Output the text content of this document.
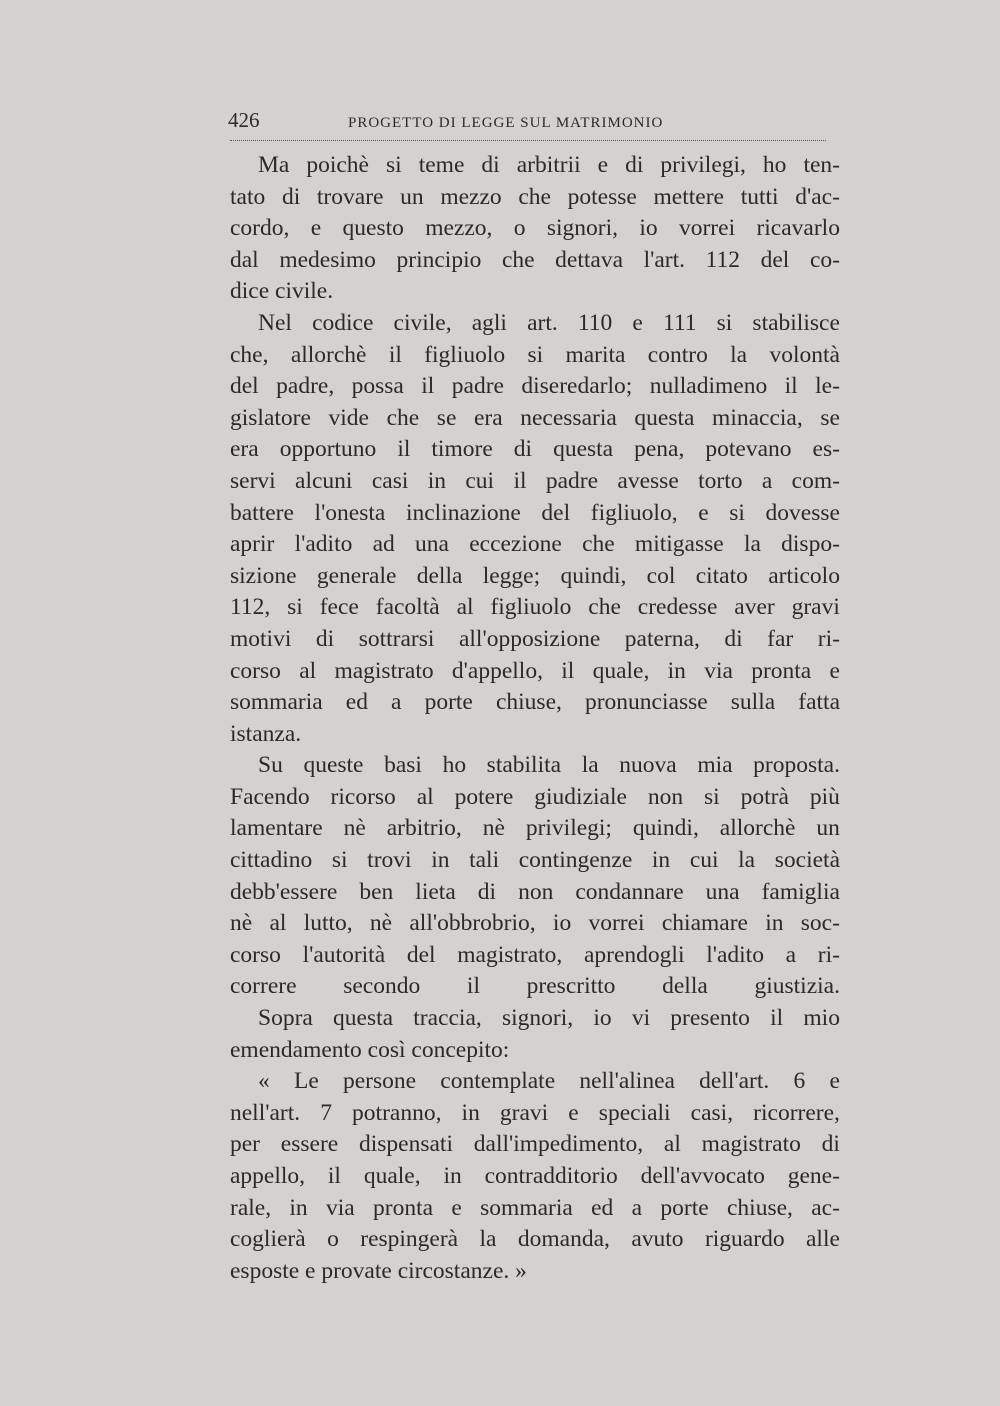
426	PROGETTO DI LEGGE SUL MATRIMONIO
Ma poichè si teme di arbitrii e di privilegi, ho ten-
tato di trovare un mezzo che potesse mettere tutti d'ac-
cordo, e questo mezzo, o signori, io vorrei ricavarlo
dal medesimo principio che dettava l'art. 112 del co-
dice civile.
Nel codice civile, agli art. 110 e 111 si stabilisce
che, allorchè il figliuolo si marita contro la volontà
del padre, possa il padre diseredarlo; nulladimeno il le-
gislatore vide che se era necessaria questa minaccia, se
era opportuno il timore di questa pena, potevano es-
servi alcuni casi in cui il padre avesse torto a com-
battere l'onesta inclinazione del figliuolo, e si dovesse
aprir l'adito ad una eccezione che mitigasse la dispo-
sizione generale della legge; quindi, col citato articolo
112, si fece facoltà al figliuolo che credesse aver gravi
motivi di sottrarsi all'opposizione paterna, di far ri-
corso al magistrato d'appello, il quale, in via pronta e
sommaria ed a porte chiuse, pronunciasse sulla fatta
istanza.
Su queste basi ho stabilita la nuova mia proposta.
Facendo ricorso al potere giudiziale non si potrà più
lamentare nè arbitrio, nè privilegi; quindi, allorchè un
cittadino si trovi in tali contingenze in cui la società
debb'essere ben lieta di non condannare una famiglia
nè al lutto, nè all'obbrobrio, io vorrei chiamare in soc-
corso l'autorità del magistrato, aprendogli l'adito a ri-
correre secondo il prescritto della giustizia.
Sopra questa traccia, signori, io vi presento il mio
emendamento così concepito:
« Le persone contemplate nell'alinea dell'art. 6 e
nell'art. 7 potranno, in gravi e speciali casi, ricorrere,
per essere dispensati dall'impedimento, al magistrato di
appello, il quale, in contradditorio dell'avvocato gene-
rale, in via pronta e sommaria ed a porte chiuse, ac-
coglierà o respingerà la domanda, avuto riguardo alle
esposte e provate circostanze. »
